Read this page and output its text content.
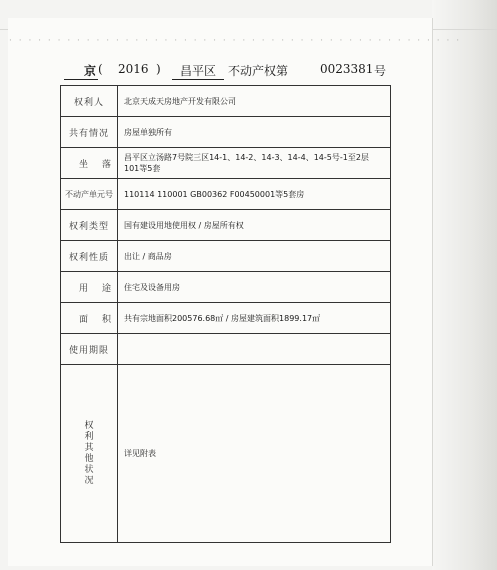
· · · · · · · · · · · · · · · · · · · · · · · · · · · · · · · · · · · · · · · · · · · · · · ·
京 ( 2016 )	昌平区	不动产权第	0023381 号
权利人	北京天成天房地产开发有限公司
共有情况	房屋单独所有
坐落	昌平区立汤路7号院三区14-1、14-2、14-3、14-4、14-5号-1至2层101等5套
不动产单元号	110114 110001 GB00362 F00450001等5套房
权利类型	国有建设用地使用权 / 房屋所有权
权利性质	出让 / 商品房
用途	住宅及设备用房
面积	共有宗地面积200576.68㎡ / 房屋建筑面积1899.17㎡
使用期限	
权利其他状况	详见附表
